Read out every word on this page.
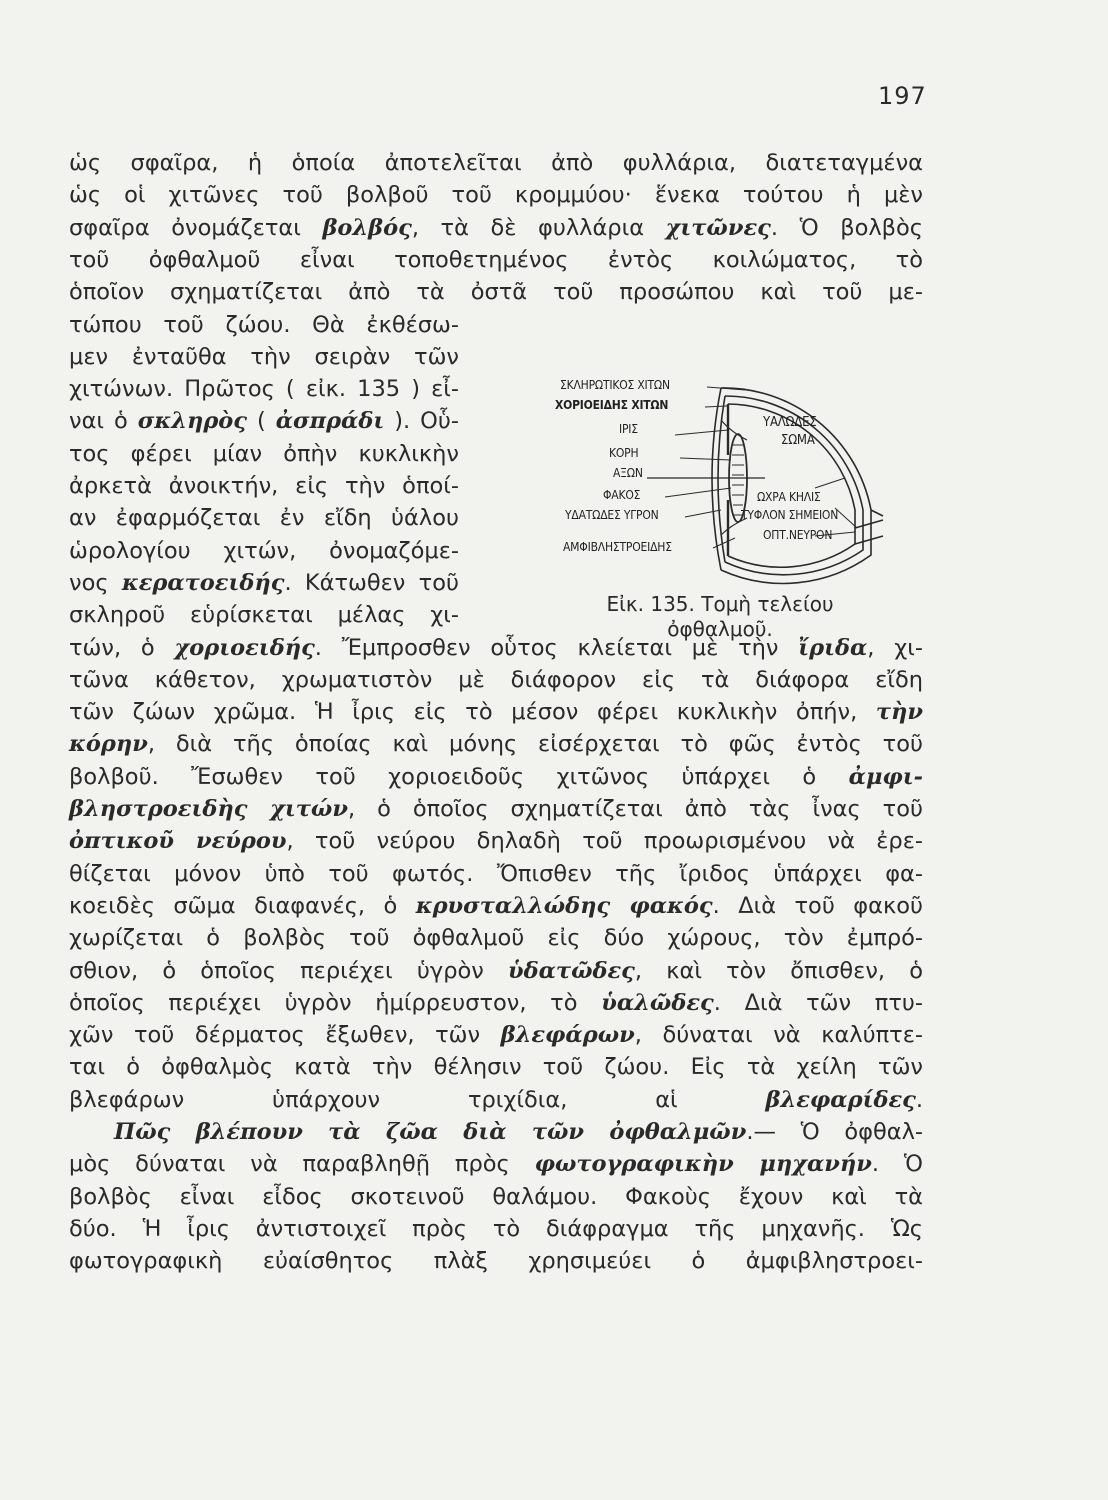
197
ὡς σφαῖρα, ἡ ὁποία ἀποτελεῖται ἀπὸ φυλλάρια, διατεταγμένα
ὡς οἱ χιτῶνες τοῦ βολβοῦ τοῦ κρομμύου· ἕνεκα τούτου ἡ μὲν
σφαῖρα ὀνομάζεται βολβός, τὰ δὲ φυλλάρια χιτῶνες. Ὁ βολβὸς
τοῦ ὀφθαλμοῦ εἶναι τοποθετημένος ἐντὸς κοιλώματος, τὸ
ὁποῖον σχηματίζεται ἀπὸ τὰ ὀστᾶ τοῦ προσώπου καὶ τοῦ με-
τώπου τοῦ ζώου. Θὰ ἐκθέσω-
μεν ἐνταῦθα τὴν σειρὰν τῶν
χιτώνων. Πρῶτος ( εἰκ. 135 ) εἶ-
ναι ὁ σκληρὸς ( ἀσπράδι ). Οὗ-
τος φέρει μίαν ὀπὴν κυκλικὴν
ἀρκετὰ ἀνοικτήν, εἰς τὴν ὁποί-
αν ἐφαρμόζεται ἐν εἴδη ὑάλου
ὡρολογίου χιτών, ὀνομαζόμε-
νος κερατοειδής. Κάτωθεν τοῦ
σκληροῦ εὑρίσκεται μέλας χι-
τών, ὁ χοριοειδής. Ἔμπροσθεν οὗτος κλείεται μὲ τὴν ἴριδα, χι-
τῶνα κάθετον, χρωματιστὸν μὲ διάφορον εἰς τὰ διάφορα εἴδη
τῶν ζώων χρῶμα. Ἡ ἶρις εἰς τὸ μέσον φέρει κυκλικὴν ὀπήν, τὴν
κόρην, διὰ τῆς ὁποίας καὶ μόνης εἰσέρχεται τὸ φῶς ἐντὸς τοῦ
βολβοῦ. Ἔσωθεν τοῦ χοριοειδοῦς χιτῶνος ὑπάρχει ὁ ἀμφι-
βληστροειδὴς χιτών, ὁ ὁποῖος σχηματίζεται ἀπὸ τὰς ἶνας τοῦ
ὀπτικοῦ νεύρου, τοῦ νεύρου δηλαδὴ τοῦ προωρισμένου νὰ ἐρε-
θίζεται μόνον ὑπὸ τοῦ φωτός. Ὄπισθεν τῆς ἴριδος ὑπάρχει φα-
κοειδὲς σῶμα διαφανές, ὁ κρυσταλλώδης φακός. Διὰ τοῦ φακοῦ
χωρίζεται ὁ βολβὸς τοῦ ὀφθαλμοῦ εἰς δύο χώρους, τὸν ἐμπρό-
σθιον, ὁ ὁποῖος περιέχει ὑγρὸν ὑδατῶδες, καὶ τὸν ὄπισθεν, ὁ
ὁποῖος περιέχει ὑγρὸν ἡμίρρευστον, τὸ ὑαλῶδες. Διὰ τῶν πτυ-
χῶν τοῦ δέρματος ἔξωθεν, τῶν βλεφάρων, δύναται νὰ καλύπτε-
ται ὁ ὀφθαλμὸς κατὰ τὴν θέλησιν τοῦ ζώου. Εἰς τὰ χείλη τῶν
βλεφάρων ὑπάρχουν τριχίδια, αἱ βλεφαρίδες.
  Πῶς βλέπουν τὰ ζῶα διὰ τῶν ὀφθαλμῶν.— Ὁ ὀφθαλ-
μὸς δύναται νὰ παραβληθῇ πρὸς φωτογραφικὴν μηχανήν. Ὁ
βολβὸς εἶναι εἶδος σκοτεινοῦ θαλάμου. Φακοὺς ἔχουν καὶ τὰ
δύο. Ἡ ἶρις ἀντιστοιχεῖ πρὸς τὸ διάφραγμα τῆς μηχανῆς. Ὡς
φωτογραφικὴ εὐαίσθητος πλὰξ χρησιμεύει ὁ ἀμφιβληστροει-
ΣΚΛΗΡΩΤΙΚΟΣ ΧΙΤΩΝ
ΧΟΡΙΟΕΙΔΗΣ ΧΙΤΩΝ
ΙΡΙΣ
ΚΟΡΗ
ΑΞΩΝ
ΦΑΚΟΣ
ΥΔΑΤΩΔΕΣ ΥΓΡΟΝ
ΑΜΦΙΒΛΗΣΤΡΟΕΙΔΗΣ
ΥΑΛΩΔΕΣ
ΣΩΜΑ
ΩΧΡΑ ΚΗΛΙΣ
ΤΥΦΛΟΝ ΣΗΜΕΙΟΝ
ΟΠΤ.ΝΕΥΡΟΝ
Εἰκ. 135. Τομὴ τελείου
ὀφθαλμοῦ.
